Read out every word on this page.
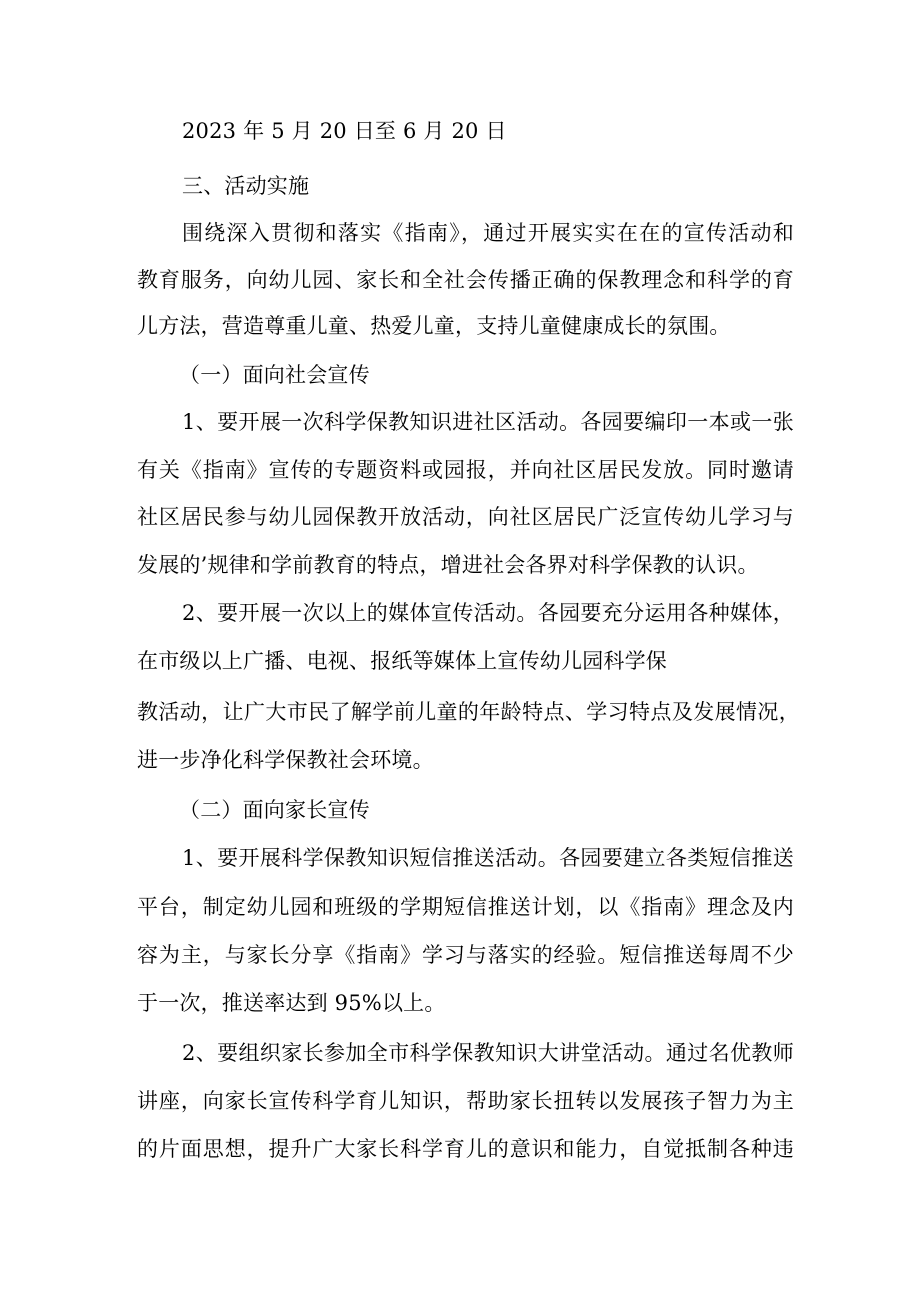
2023 年 5 月 20 日至 6 月 20 日
三、活动实施
围绕深入贯彻和落实《指南》，通过开展实实在在的宣传活动和
教育服务，向幼儿园、家长和全社会传播正确的保教理念和科学的育
儿方法，营造尊重儿童、热爱儿童，支持儿童健康成长的氛围。
（一）面向社会宣传
1、要开展一次科学保教知识进社区活动。各园要编印一本或一张
有关《指南》宣传的专题资料或园报，并向社区居民发放。同时邀请
社区居民参与幼儿园保教开放活动，向社区居民广泛宣传幼儿学习与
发展的’规律和学前教育的特点，增进社会各界对科学保教的认识。
2、要开展一次以上的媒体宣传活动。各园要充分运用各种媒体，
在市级以上广播、电视、报纸等媒体上宣传幼儿园科学保
教活动，让广大市民了解学前儿童的年龄特点、学习特点及发展情况，
进一步净化科学保教社会环境。
（二）面向家长宣传
1、要开展科学保教知识短信推送活动。各园要建立各类短信推送
平台，制定幼儿园和班级的学期短信推送计划，以《指南》理念及内
容为主，与家长分享《指南》学习与落实的经验。短信推送每周不少
于一次，推送率达到 95%以上。
2、要组织家长参加全市科学保教知识大讲堂活动。通过名优教师
讲座，向家长宣传科学育儿知识，帮助家长扭转以发展孩子智力为主
的片面思想，提升广大家长科学育儿的意识和能力，自觉抵制各种违
